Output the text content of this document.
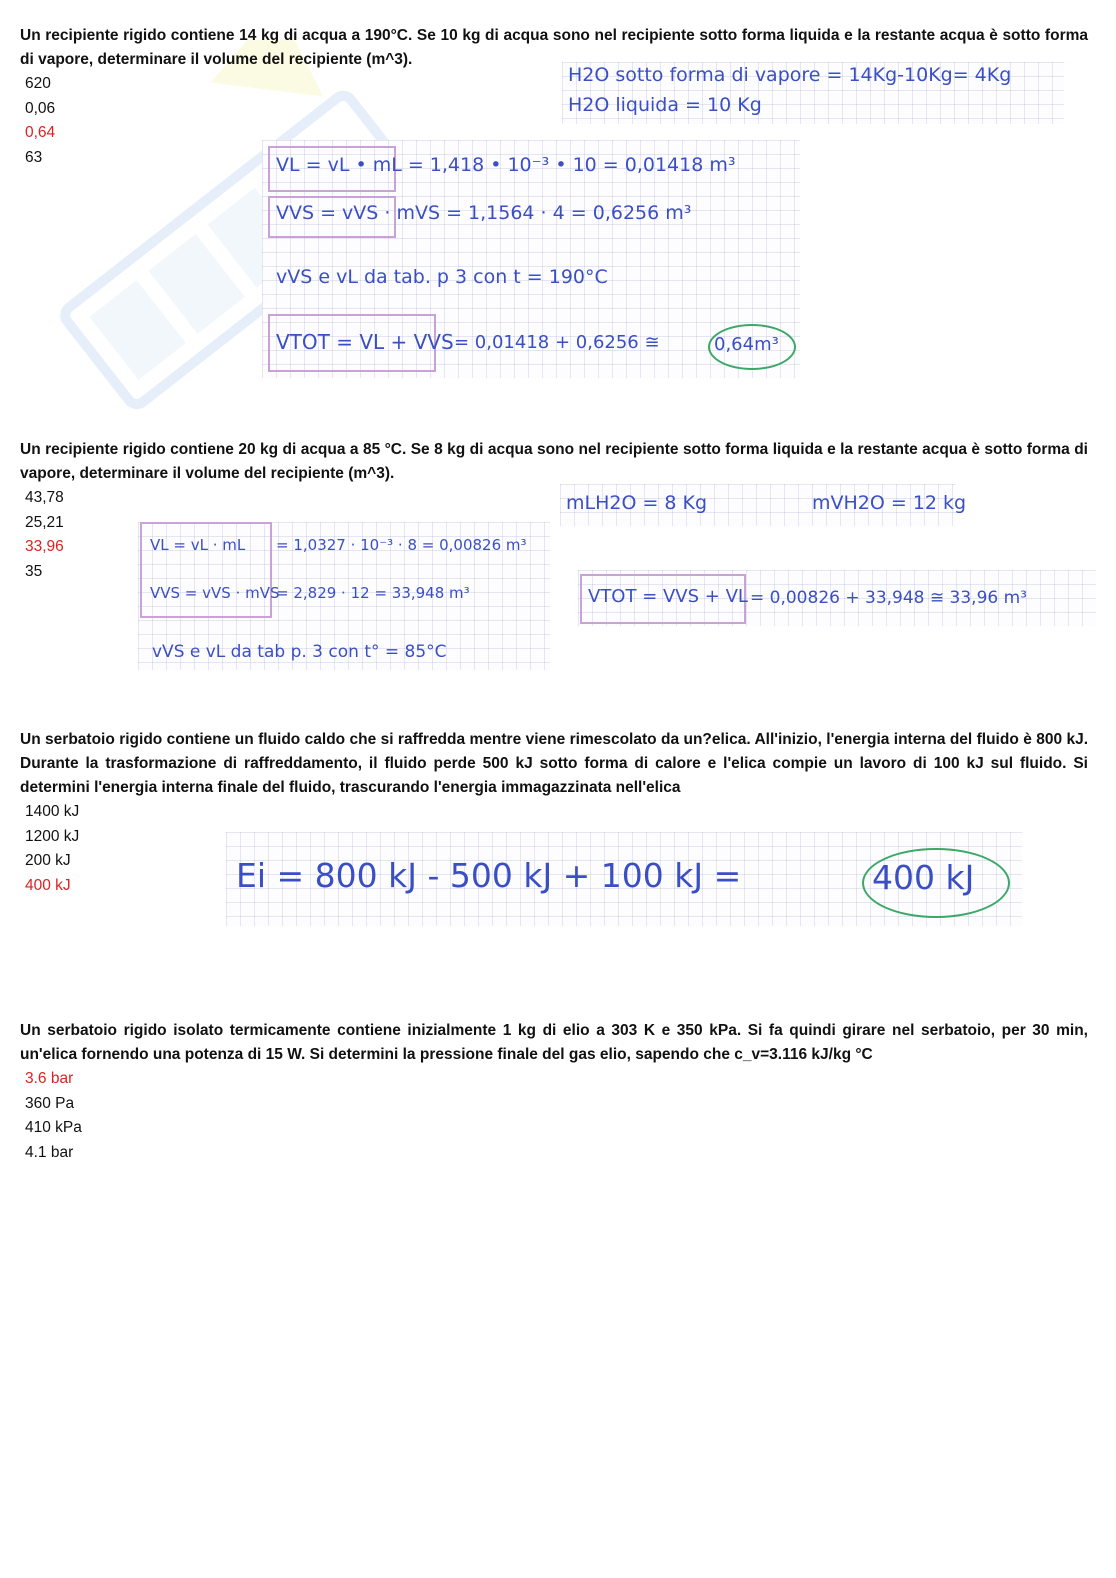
Un recipiente rigido contiene 14 kg di acqua a 190°C. Se 10 kg di acqua sono nel recipiente sotto forma liquida e la restante acqua è sotto forma di vapore, determinare il volume del recipiente (m^3).

620
0,06
0,64
63
H2O sotto forma di vapore = 14Kg-10Kg= 4Kg
H2O liquida = 10 Kg
VL = vL • mL = 1,418 • 10⁻³ • 10 = 0,01418 m³
VVS = vVS · mVS = 1,1564 · 4 = 0,6256 m³
vVS e vL da tab. p 3 con t = 190°C
VTOT = VL + VVS = 0,01418 + 0,6256 ≅	0,64m³

Un recipiente rigido contiene 20 kg di acqua a 85 °C. Se 8 kg di acqua sono nel recipiente sotto forma liquida e la restante acqua è sotto forma di vapore, determinare il volume del recipiente (m^3).

43,78
25,21
33,96
35
mLH2O = 8 Kg	mVH2O = 12 kg
VL = vL · mL = 1,0327 · 10⁻³ · 8 = 0,00826 m³
VVS = vVS · mVS
= 2,829 · 12 = 33,948 m³
vVS e vL da tab p. 3 con t° = 85°C
VTOT = VVS + VL = 0,00826 + 33,948 ≅ 33,96 m³

Un serbatoio rigido contiene un fluido caldo che si raffredda mentre viene rimescolato da un?elica. All'inizio, l'energia interna del fluido è 800 kJ. Durante la trasformazione di raffreddamento, il fluido perde 500 kJ sotto forma di calore e l'elica compie un lavoro di 100 kJ sul fluido. Si determini l'energia interna finale del fluido, trascurando l'energia immagazzinata nell'elica

1400 kJ
1200 kJ
200 kJ
400 kJ	Ei = 800 kJ - 500 kJ + 100 kJ =	400 kJ

Un serbatoio rigido isolato termicamente contiene inizialmente 1 kg di elio a 303 K e 350 kPa. Si fa quindi girare nel serbatoio, per 30 min, un'elica fornendo una potenza di 15 W. Si determini la pressione finale del gas elio, sapendo che c_v=3.116 kJ/kg °C

3.6 bar
360 Pa
410 kPa
4.1 bar
